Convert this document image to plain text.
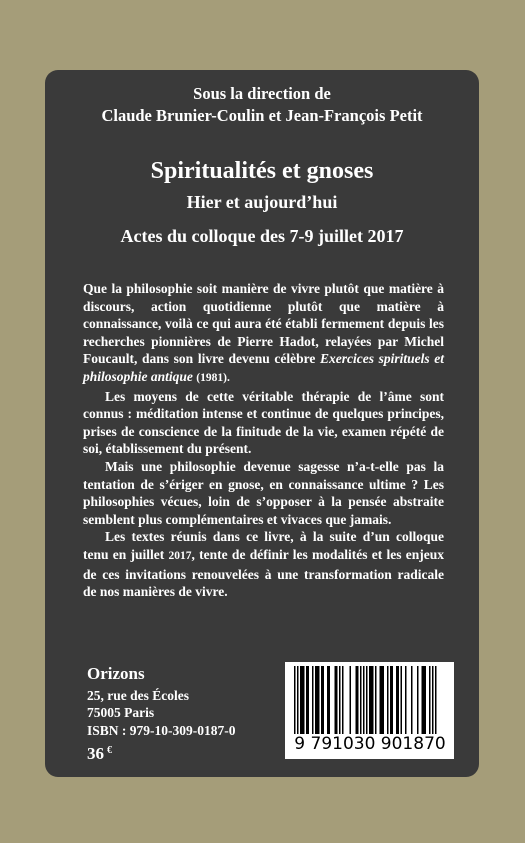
Sous la direction de
Claude Brunier-Coulin et Jean-François Petit
Spiritualités et gnoses
Hier et aujourd’hui
Actes du colloque des 7-9 juillet 2017

Que la philosophie soit manière de vivre plutôt que matière à discours, action quotidienne plutôt que matière à connaissance, voilà ce qui aura été établi fermement depuis les recherches pionnières de Pierre Hadot, relayées par Michel Foucault, dans son livre devenu célèbre Exercices spirituels et philosophie antique (1981).

Les moyens de cette véritable thérapie de l’âme sont connus : méditation intense et continue de quelques principes, prises de conscience de la finitude de la vie, examen répété de soi, établissement du présent.

Mais une philosophie devenue sagesse n’a-t-elle pas la tentation de s’ériger en gnose, en connaissance ultime ? Les philosophies vécues, loin de s’opposer à la pensée abstraite semblent plus complémentaires et vivaces que jamais.

Les textes réunis dans ce livre, à la suite d’un colloque tenu en juillet 2017, tente de définir les modalités et les enjeux de ces invitations renouvelées à une transformation radicale de nos manières de vivre.

Orizons
25, rue des Écoles
75005 Paris
ISBN : 979-10-309-0187-0
36 €	9 791030 901870
